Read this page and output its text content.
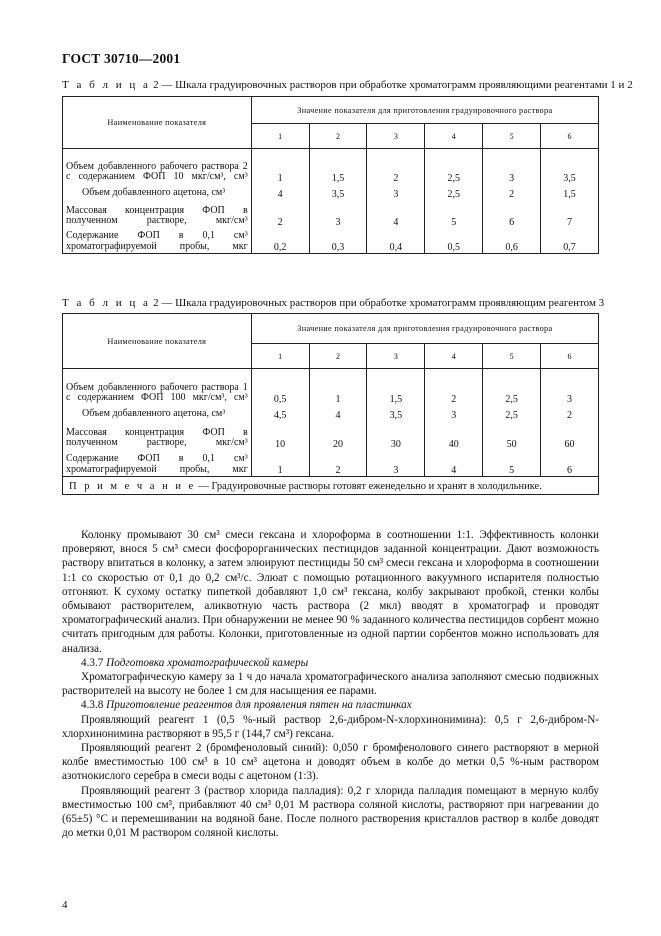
ГОСТ 30710—2001
Т а б л и ц а 2 — Шкала градуировочных растворов при обработке хроматограмм проявляющими реагентами 1 и 2
Наименование показателя	Значение показателя для приготовления градуировочного раствора					
	1	2	3	4	5	6
Объем добавленного рабочего раствора 2 с содержанием ФОП 10 мкг/см³, см³	1	1,5	2	2,5	3	3,5
Объем добавленного ацетона, см³	4	3,5	3	2,5	2	1,5
Массовая концентрация ФОП в полученном растворе, мкг/см³	2	3	4	5	6	7
Содержание ФОП в 0,1 см³ хроматографируемой пробы, мкг	0,2	0,3	0,4	0,5	0,6	0,7
Т а б л и ц а 2 — Шкала градуировочных растворов при обработке хроматограмм проявляющим реагентом 3
Наименование показателя	Значение показателя для приготовления градуировочного раствора					
	1	2	3	4	5	6
Объем добавленного рабочего раствора 1 с содержанием ФОП 100 мкг/см³, см³	0,5	1	1,5	2	2,5	3
Объем добавленного ацетона, см³	4,5	4	3,5	3	2,5	2
Массовая концентрация ФОП в полученном растворе, мкг/см³	10	20	30	40	50	60
Содержание ФОП в 0,1 см³ хроматографируемой пробы, мкг	1	2	3	4	5	6
П р и м е ч а н и е — Градуировочные растворы готовят еженедельно и хранят в холодильнике.						

Колонку промывают 30 см³ смеси гексана и хлороформа в соотношении 1:1. Эффективность колонки проверяют, внося 5 см³ смеси фосфорорганических пестицидов заданной концентрации. Дают возможность раствору впитаться в колонку, а затем элюируют пестициды 50 см³ смеси гексана и хлороформа в соотношении 1:1 со скоростью от 0,1 до 0,2 см³/с. Элюат с помощью ротационного вакуумного испарителя полностью отгоняют. К сухому остатку пипеткой добавляют 1,0 см³ гексана, колбу закрывают пробкой, стенки колбы обмывают растворителем, аликвотную часть раствора (2 мкл) вводят в хроматограф и проводят хроматографический анализ. При обнаружении не менее 90 % заданного количества пестицидов сорбент можно считать пригодным для работы. Колонки, приготовленные из одной партии сорбентов можно использовать для анализа.

4.3.7 Подготовка хроматографической камеры

Хроматографическую камеру за 1 ч до начала хроматографического анализа заполняют смесью подвижных растворителей на высоту не более 1 см для насыщения ее парами.

4.3.8 Приготовление реагентов для проявления пятен на пластинках

Проявляющий реагент 1 (0,5 %-ный раствор 2,6-дибром-N-хлорхинонимина): 0,5 г 2,6-дибром-N-хлорхинонимина растворяют в 95,5 г (144,7 см³) гексана.

Проявляющий реагент 2 (бромфеноловый синий): 0,050 г бромфенолового синего растворяют в мерной колбе вместимостью 100 см³ в 10 см³ ацетона и доводят объем в колбе до метки 0,5 %-ным раствором азотнокислого серебра в смеси воды с ацетоном (1:3).

Проявляющий реагент 3 (раствор хлорида палладия): 0,2 г хлорида палладия помещают в мерную колбу вместимостью 100 см³, прибавляют 40 см³ 0,01 М раствора соляной кислоты, растворяют при нагревании до (65±5) °С и перемешивании на водяной бане. После полного растворения кристаллов раствор в колбе доводят до метки 0,01 М раствором соляной кислоты.

4
